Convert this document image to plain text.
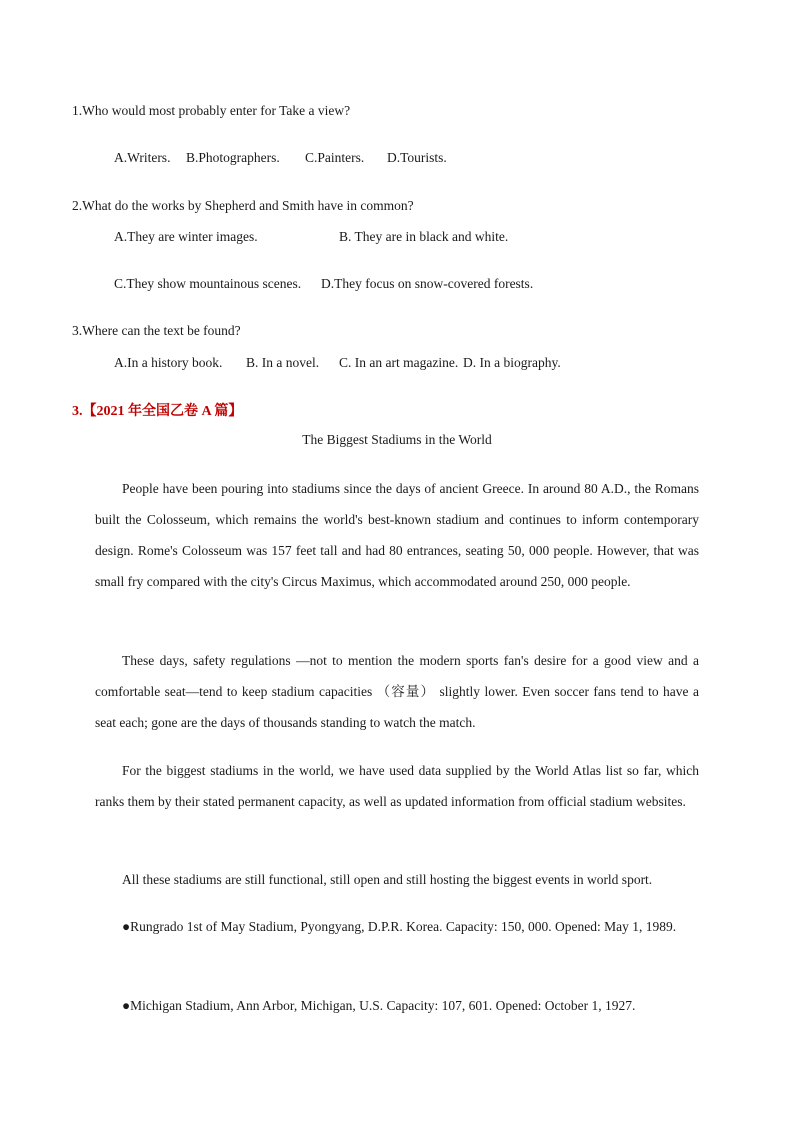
1.Who would most probably enter for Take a view?
A.Writers. B.Photographers. C.Painters. D.Tourists.
2.What do the works by Shepherd and Smith have in common?
A.They are winter images.	B. They are in black and white.
C.They show mountainous scenes. D.They focus on snow-covered forests.
3.Where can the text be found?
A.In a history book. B. In a novel. C. In an art magazine. D. In a biography.
3.【2021 年全国乙卷 A 篇】
The Biggest Stadiums in the World
People have been pouring into stadiums since the days of ancient Greece. In around 80 A.D., the Romans built the Colosseum, which remains the world's best-known stadium and continues to inform contemporary design. Rome's Colosseum was 157 feet tall and had 80 entrances, seating 50, 000 people. However, that was small fry compared with the city's Circus Maximus, which accommodated around 250, 000 people.
These days, safety regulations —not to mention the modern sports fan's desire for a good view and a comfortable seat—tend to keep stadium capacities （容量） slightly lower. Even soccer fans tend to have a seat each; gone are the days of thousands standing to watch the match.
For the biggest stadiums in the world, we have used data supplied by the World Atlas list so far, which ranks them by their stated permanent capacity, as well as updated information from official stadium websites.
All these stadiums are still functional, still open and still hosting the biggest events in world sport.
●Rungrado 1st of May Stadium, Pyongyang, D.P.R. Korea. Capacity: 150, 000. Opened: May 1, 1989.
●Michigan Stadium, Ann Arbor, Michigan, U.S. Capacity: 107, 601. Opened: October 1, 1927.
